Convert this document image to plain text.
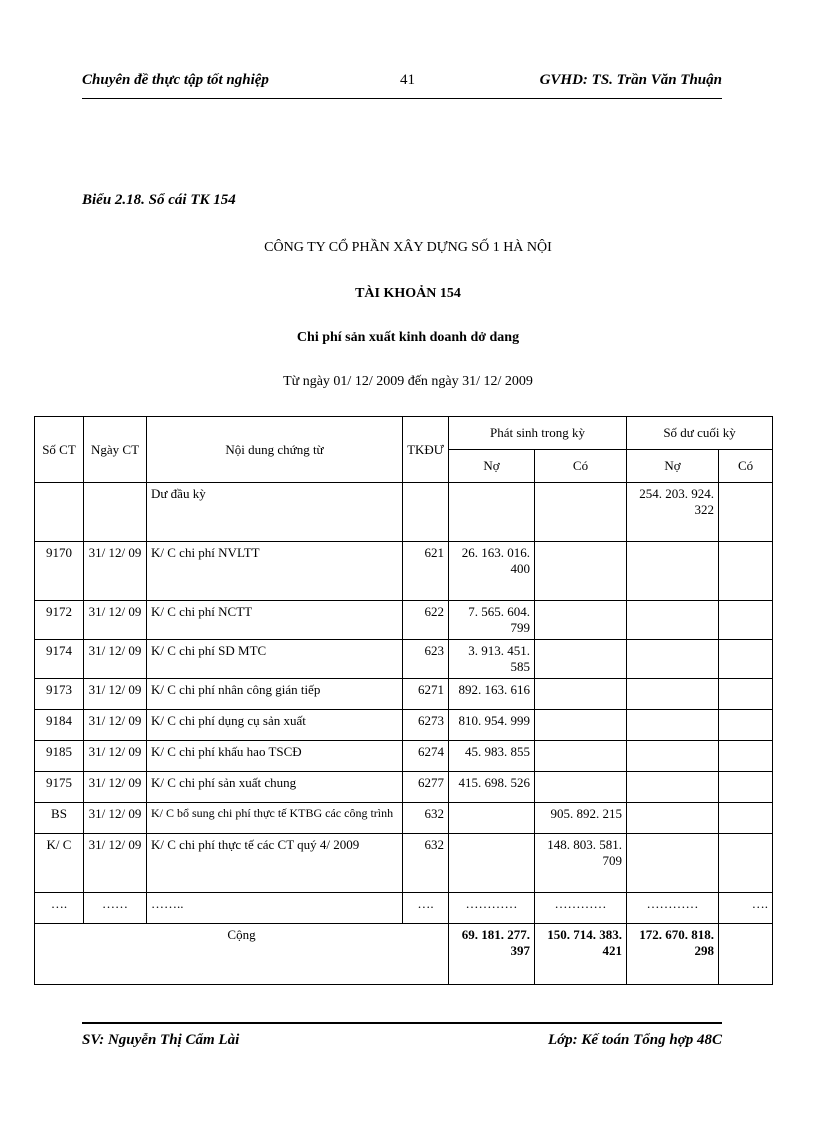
Chuyên đề thực tập tốt nghiệp	41	GVHD: TS. Trần Văn Thuận
Biểu 2.18. Sổ cái TK 154
CÔNG TY CỔ PHẦN XÂY DỰNG SỐ 1 HÀ NỘI
TÀI KHOẢN 154
Chi phí sản xuất kinh doanh dở dang
Từ ngày 01/ 12/ 2009 đến ngày 31/ 12/ 2009
Số CT	Ngày CT	Nội dung chứng từ	TKĐƯ	Phát sinh trong kỳ		Số dư cuối kỳ	
				Nợ	Có	Nợ	Có
		Dư đầu kỳ				254. 203. 924. 322	
9170	31/ 12/ 09	K/ C chi phí NVLTT	621	26. 163. 016. 400			
9172	31/ 12/ 09	K/ C chi phí NCTT	622	7. 565. 604. 799			
9174	31/ 12/ 09	K/ C chi phí SD MTC	623	3. 913. 451. 585			
9173	31/ 12/ 09	K/ C chi phí nhân công gián tiếp	6271	892. 163. 616			
9184	31/ 12/ 09	K/ C chi phí dụng cụ sản xuất	6273	810. 954. 999			
9185	31/ 12/ 09	K/ C chi phí khấu hao TSCĐ	6274	45. 983. 855			
9175	31/ 12/ 09	K/ C chi phí sản xuất chung	6277	415. 698. 526			
BS	31/ 12/ 09	K/ C bổ sung chi phí thực tế KTBG các công trình	632		905. 892. 215		
K/ C	31/ 12/ 09	K/ C chi phí thực tế các CT quý 4/ 2009	632		148. 803. 581. 709		
….	……	……..	….	…………	…………	…………	….
Cộng				69. 181. 277. 397	150. 714. 383. 421	172. 670. 818. 298	
SV: Nguyễn Thị Cẩm Lài	Lớp: Kế toán Tổng hợp 48C
